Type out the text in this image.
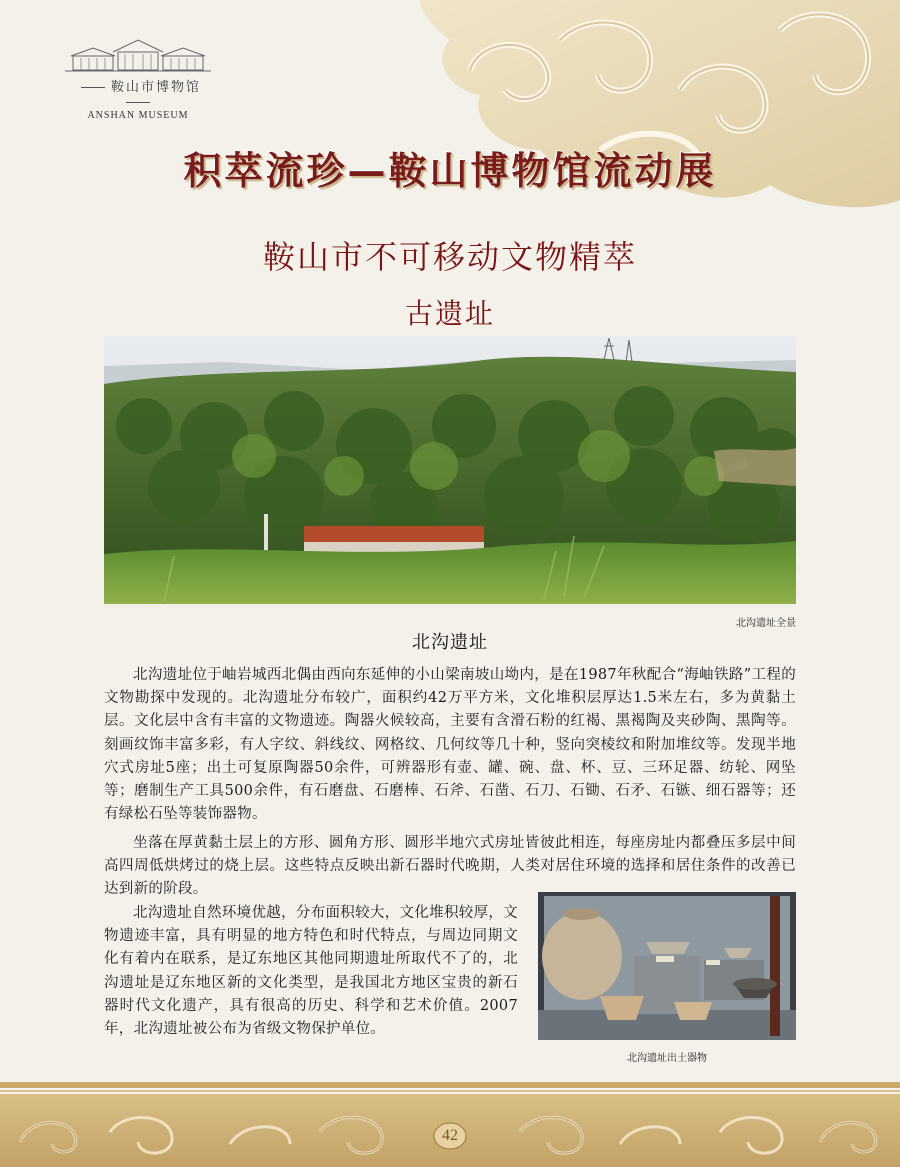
鞍山市博物馆
ANSHAN MUSEUM
积萃流珍—鞍山博物馆流动展
鞍山市不可移动文物精萃
古遗址
北沟遗址全景
北沟遗址

北沟遗址位于岫岩城西北偶由西向东延伸的小山梁南坡山坳内，是在1987年秋配合“海岫铁路”工程的文物勘探中发现的。北沟遗址分布较广，面积约42万平方米，文化堆积层厚达1.5米左右，多为黄黏土层。文化层中含有丰富的文物遗迹。陶器火候较高，主要有含滑石粉的红褐、黑褐陶及夹砂陶、黑陶等。刻画纹饰丰富多彩，有人字纹、斜线纹、网格纹、几何纹等几十种，竖向突棱纹和附加堆纹等。发现半地穴式房址5座；出土可复原陶器50余件，可辨器形有壶、罐、碗、盘、杯、豆、三环足器、纺轮、网坠等；磨制生产工具500余件，有石磨盘、石磨棒、石斧、石凿、石刀、石锄、石矛、石镞、细石器等；还有绿松石坠等装饰器物。

坐落在厚黄黏土层上的方形、圆角方形、圆形半地穴式房址皆彼此相连，每座房址内都叠压多层中间高四周低烘烤过的烧上层。这些特点反映出新石器时代晚期，人类对居住环境的选择和居住条件的改善已达到新的阶段。

北沟遗址自然环境优越，分布面积较大，文化堆积较厚，文物遗迹丰富，具有明显的地方特色和时代特点，与周边同期文化有着内在联系，是辽东地区其他同期遗址所取代不了的，北沟遗址是辽东地区新的文化类型，是我国北方地区宝贵的新石器时代文化遗产，具有很高的历史、科学和艺术价值。2007年，北沟遗址被公布为省级文物保护单位。

北沟遗址出土器物
42
